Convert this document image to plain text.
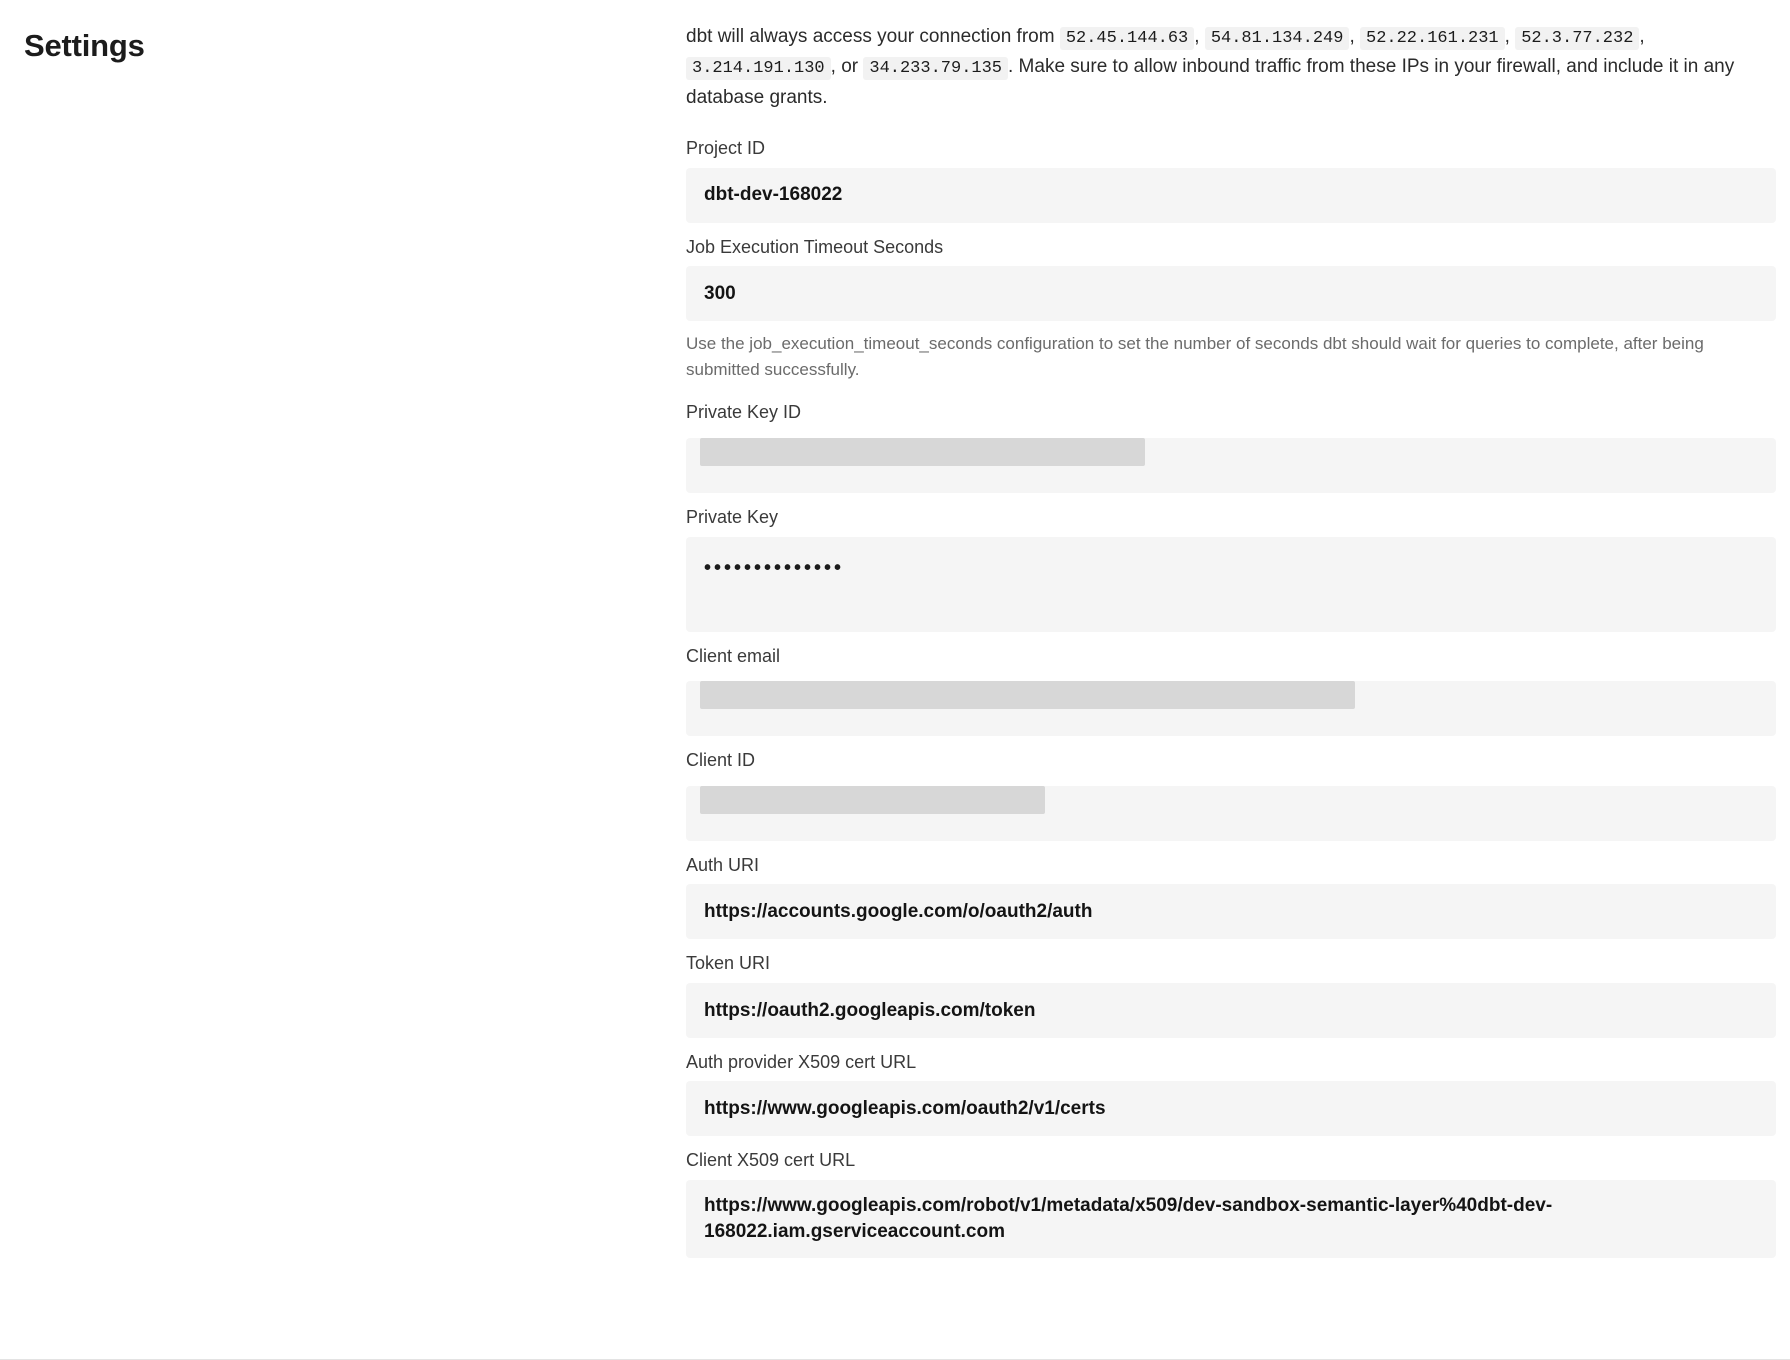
Settings	dbt will always access your connection from 52.45.144.63 , 54.81.134.249 , 52.22.161.231 , 52.3.77.232 , 3.214.191.130 , or 34.233.79.135 . Make sure to allow inbound traffic from these IPs in your firewall, and include it in any database grants.

Project ID
dbt-dev-168022
Job Execution Timeout Seconds
300
Use the job_execution_timeout_seconds configuration to set the number of seconds dbt should wait for queries to complete, after being submitted successfully.
Private Key ID
Private Key
••••••••••••••
Client email
Client ID
Auth URI
https://accounts.google.com/o/oauth2/auth
Token URI
https://oauth2.googleapis.com/token
Auth provider X509 cert URL
https://www.googleapis.com/oauth2/v1/certs
Client X509 cert URL
https://www.googleapis.com/robot/v1/metadata/x509/dev-sandbox-semantic-layer%40dbt-dev-168022.iam.gserviceaccount.com
